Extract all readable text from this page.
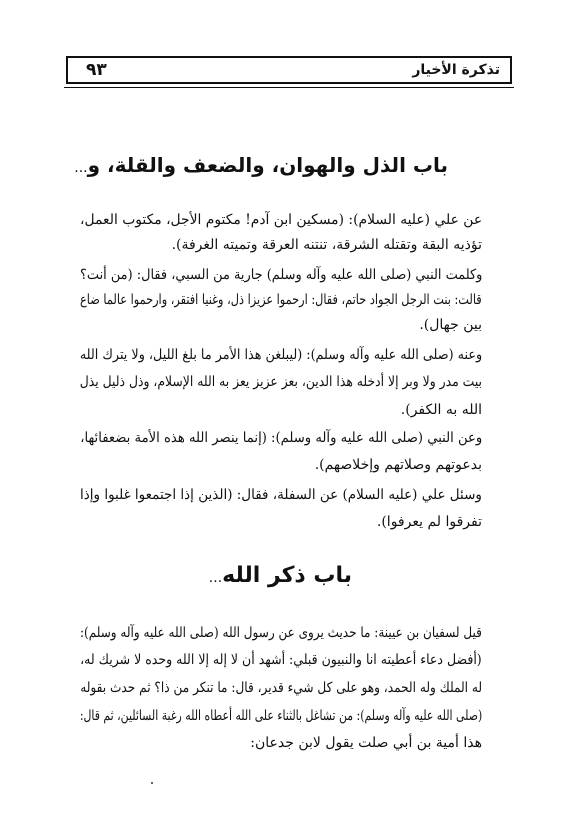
تذكرة الأخيار
٩٣
باب الذل والهوان، والضعف والقلة، و...
عن علي (عليه السلام): (مسكين ابن آدم! مكتوم الأجل، مكتوب العمل،
تؤذيه البقة وتقتله الشرقة، تنتنه العرقة وتميته الغرفة).
وكلمت النبي (صلى الله عليه وآله وسلم) جارية من السبي، فقال: (من أنت؟
قالت: بنت الرجل الجواد حاتم، فقال: ارحموا عزيزا ذل، وغنيا افتقر، وارحموا عالما ضاع
بين جهال).
وعنه (صلى الله عليه وآله وسلم): (ليبلغن هذا الأمر ما بلغ الليل، ولا يترك الله
بيت مدر ولا وبر إلا أدخله هذا الدين، بعز عزيز يعز به الله الإسلام، وذل ذليل يذل
الله به الكفر).
وعن النبي (صلى الله عليه وآله وسلم): (إنما ينصر الله هذه الأمة بضعفائها،
بدعوتهم وصلاتهم وإخلاصهم).
وسئل علي (عليه السلام) عن السفلة، فقال: (الذين إذا اجتمعوا غلبوا وإذا
تفرقوا لم يعرفوا).
باب ذكر الله...
قيل لسفيان بن عيينة: ما حديث يروى عن رسول الله (صلى الله عليه وآله وسلم):
(أفضل دعاء أعطيته انا والنبيون قبلي: أشهد أن لا إله إلا الله وحده لا شريك له،
له الملك وله الحمد، وهو على كل شيء قدير، قال: ما تنكر من ذا؟ ثم حدث بقوله
(صلى الله عليه وآله وسلم): من تشاغل بالثناء على الله أعطاه الله رغبة السائلين، ثم قال:
هذا أمية بن أبي صلت يقول لابن جدعان:
